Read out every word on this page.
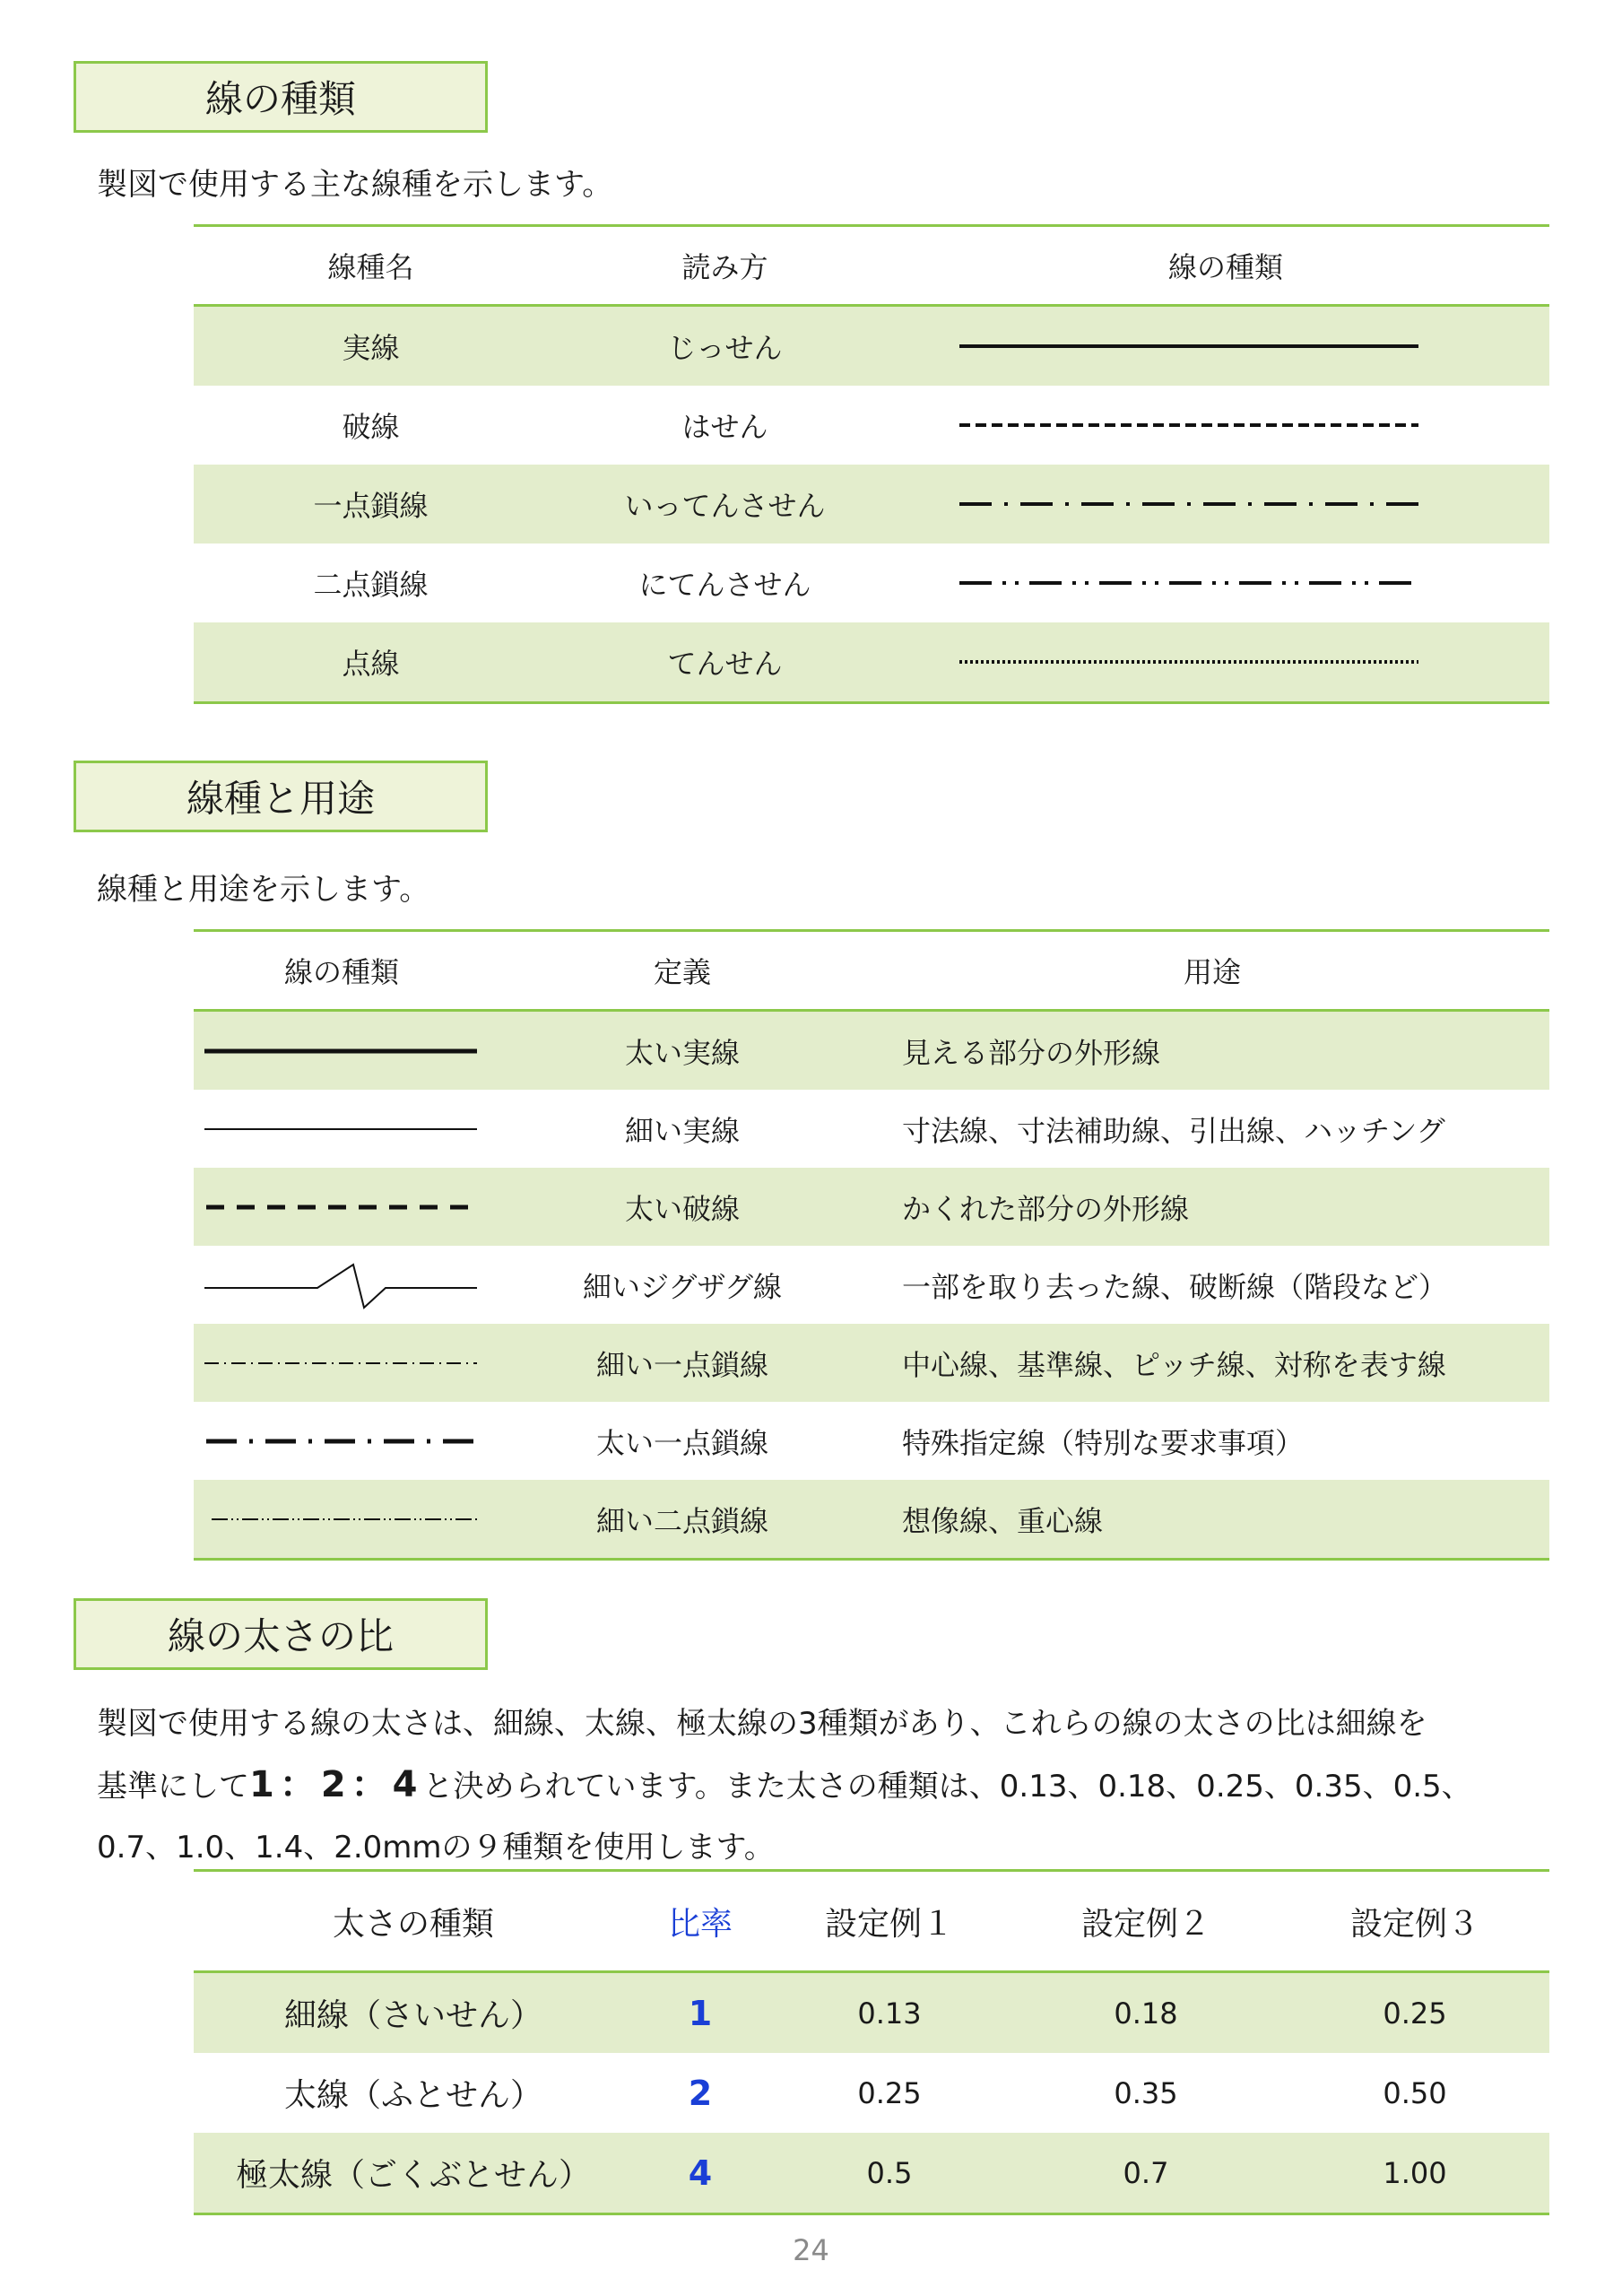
線の種類
製図で使用する主な線種を示します。
線種名	読み方	線の種類
実線	じっせん
破線	はせん
一点鎖線	いってんさせん
二点鎖線	にてんさせん
点線	てんせん
線種と用途
線種と用途を示します。
線の種類	定義	用途
太い実線	見える部分の外形線
細い実線	寸法線、寸法補助線、引出線、ハッチング
太い破線	かくれた部分の外形線
細いジグザグ線	一部を取り去った線、破断線（階段など）
細い一点鎖線	中心線、基準線、ピッチ線、対称を表す線
太い一点鎖線	特殊指定線（特別な要求事項）
細い二点鎖線	想像線、重心線
線の太さの比
製図で使用する線の太さは、細線、太線、極太線の3種類があり、これらの線の太さの比は細線を
基準にして1：2：4と決められています。また太さの種類は、0.13、0.18、0.25、0.35、0.5、
0.7、1.0、1.4、2.0mmの９種類を使用します。
太さの種類	比率	設定例１	設定例２	設定例３
細線（さいせん）	1	0.13	0.18	0.25
太線（ふとせん）	2	0.25	0.35	0.50
極太線（ごくぶとせん）	4	0.5	0.7	1.00
24
